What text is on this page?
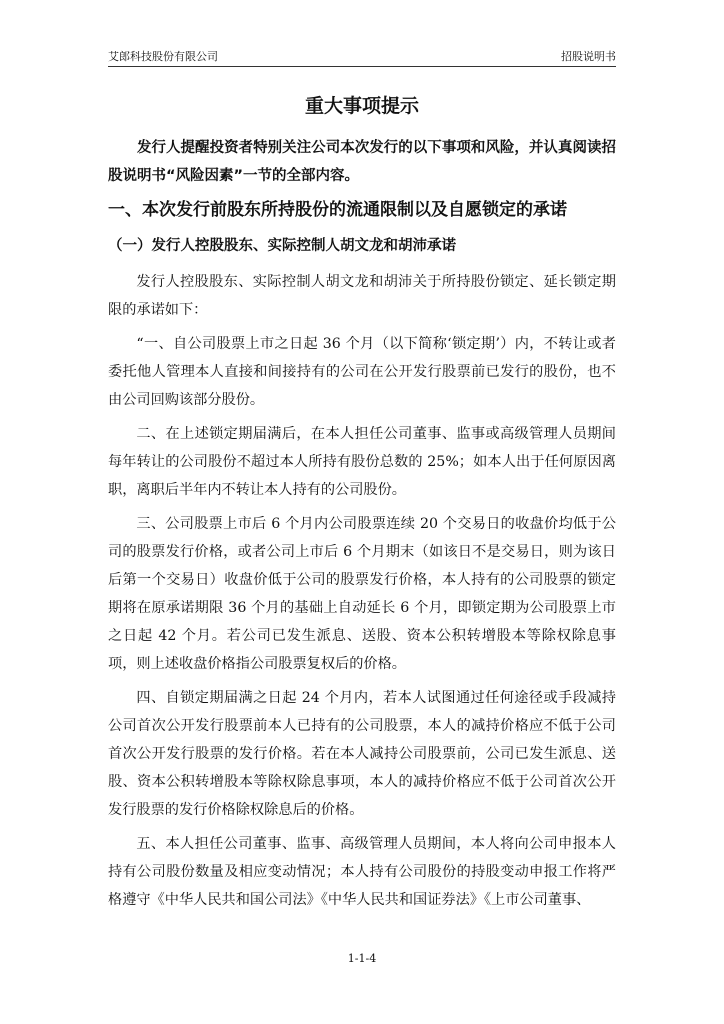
艾郎科技股份有限公司	招股说明书
重大事项提示

发行人提醒投资者特别关注公司本次发行的以下事项和风险，并认真阅读招股说明书“风险因素”一节的全部内容。

一、本次发行前股东所持股份的流通限制以及自愿锁定的承诺
（一）发行人控股股东、实际控制人胡文龙和胡沛承诺

发行人控股股东、实际控制人胡文龙和胡沛关于所持股份锁定、延长锁定期限的承诺如下：

“一、自公司股票上市之日起 36 个月（以下简称‘锁定期’）内，不转让或者委托他人管理本人直接和间接持有的公司在公开发行股票前已发行的股份，也不由公司回购该部分股份。

二、在上述锁定期届满后，在本人担任公司董事、监事或高级管理人员期间每年转让的公司股份不超过本人所持有股份总数的 25%；如本人出于任何原因离职，离职后半年内不转让本人持有的公司股份。

三、公司股票上市后 6 个月内公司股票连续 20 个交易日的收盘价均低于公司的股票发行价格，或者公司上市后 6 个月期末（如该日不是交易日，则为该日后第一个交易日）收盘价低于公司的股票发行价格，本人持有的公司股票的锁定期将在原承诺期限 36 个月的基础上自动延长 6 个月，即锁定期为公司股票上市之日起 42 个月。若公司已发生派息、送股、资本公积转增股本等除权除息事项，则上述收盘价格指公司股票复权后的价格。

四、自锁定期届满之日起 24 个月内，若本人试图通过任何途径或手段减持公司首次公开发行股票前本人已持有的公司股票，本人的减持价格应不低于公司首次公开发行股票的发行价格。若在本人减持公司股票前，公司已发生派息、送股、资本公积转增股本等除权除息事项，本人的减持价格应不低于公司首次公开发行股票的发行价格除权除息后的价格。

五、本人担任公司董事、监事、高级管理人员期间，本人将向公司申报本人持有公司股份数量及相应变动情况；本人持有公司股份的持股变动申报工作将严格遵守《中华人民共和国公司法》《中华人民共和国证券法》《上市公司董事、

1-1-4
